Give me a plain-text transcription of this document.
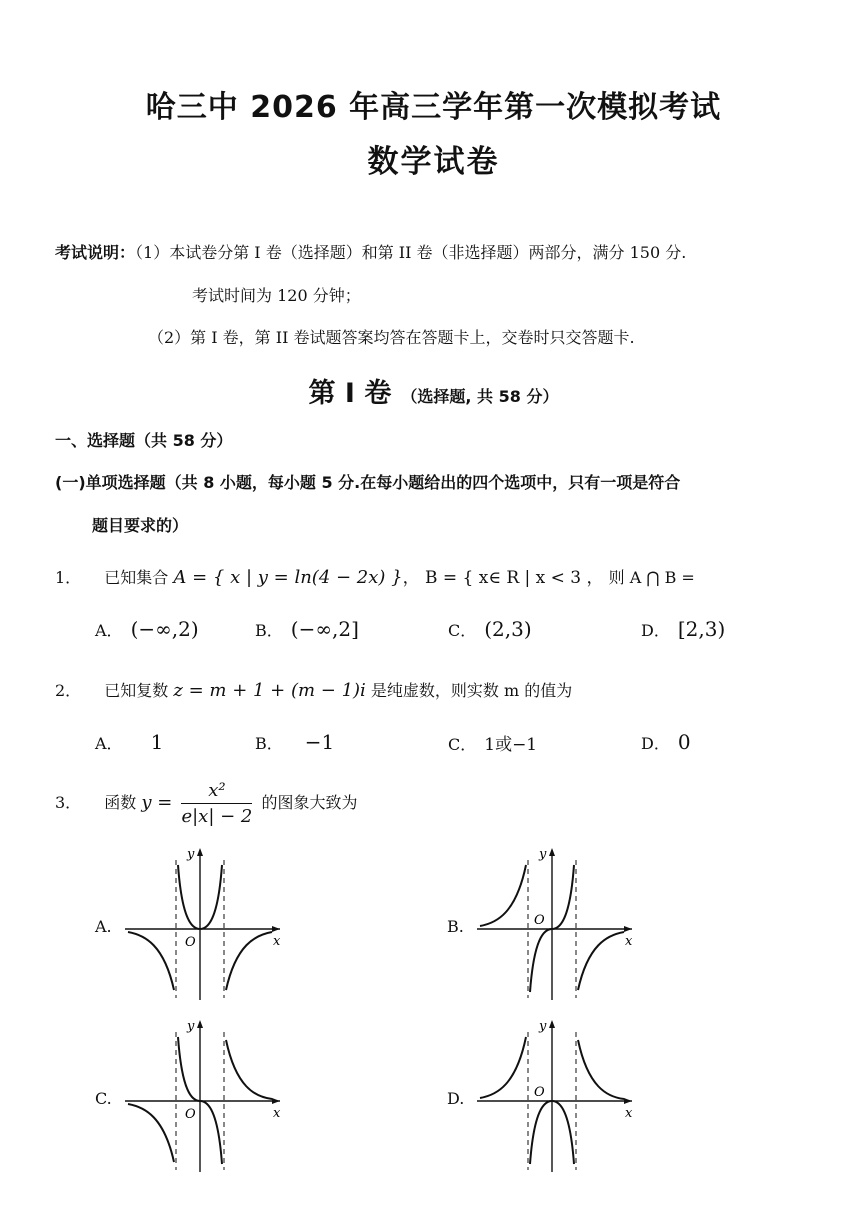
哈三中 2026 年高三学年第一次模拟考试
数学试卷
考试说明：（1）本试卷分第 I 卷（选择题）和第 II 卷（非选择题）两部分，满分 150 分.
考试时间为 120 分钟；
（2）第 I 卷，第 II 卷试题答案均答在答题卡上，交卷时只交答题卡.
第 I 卷 （选择题, 共 58 分）
一、选择题（共 58 分）
(一)单项选择题（共 8 小题，每小题 5 分.在每小题给出的四个选项中，只有一项是符合
题目要求的）
1． 已知集合 A = { x | y = ln(4 − 2x) }， B = { x∈ R | x < 3 ， 则 A ⋂ B =
A． (−∞,2)	B． (−∞,2]	C． (2,3)	D． [2,3)
2． 已知复数 z = m + 1 + (m − 1)i 是纯虚数，则实数 m 的值为
A． 1	B． −1	C． 1或−1	D． 0
3． 函数 $y = \frac{\text{x²}}{e|x| - 2}$ 的图象大致为
A.	B.
C.	D.
O	x
y
O
x
y
O	x
y
O
x
y
